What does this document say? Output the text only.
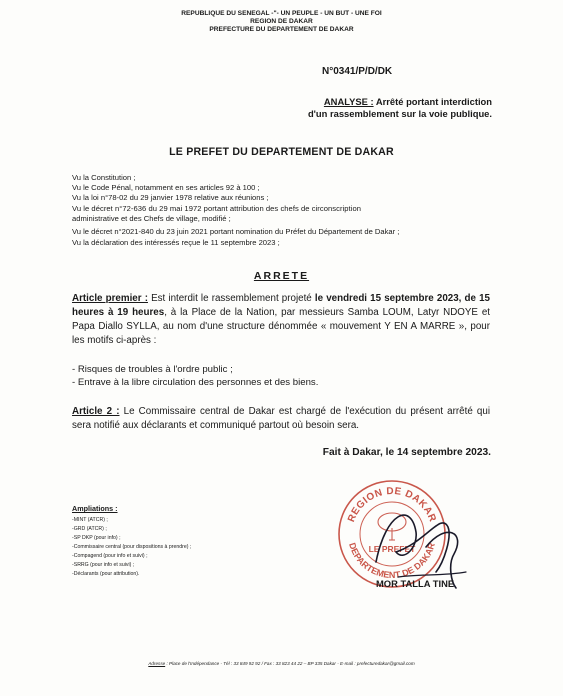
REPUBLIQUE DU SENEGAL -"- UN PEUPLE - UN BUT - UNE FOI
REGION DE DAKAR
PREFECTURE DU DEPARTEMENT DE DAKAR
N°0341/P/D/DK
ANALYSE : Arrêté portant interdiction
d'un rassemblement sur la voie publique.
LE PREFET DU DEPARTEMENT DE DAKAR
Vu la Constitution ;
Vu le Code Pénal, notamment en ses articles 92 à 100 ;
Vu la loi n°78-02 du 29 janvier 1978 relative aux réunions ;
Vu le décret n°72-636 du 29 mai 1972 portant attribution des chefs de circonscription
administrative et des Chefs de village, modifié ;
Vu le décret n°2021-840 du 23 juin 2021 portant nomination du Préfet du Département de Dakar ;
Vu la déclaration des intéressés reçue le 11 septembre 2023 ;
ARRETE
Article premier : Est interdit le rassemblement projeté le vendredi 15 septembre 2023, de 15 heures à 19 heures, à la Place de la Nation, par messieurs Samba LOUM, Latyr NDOYE et Papa Diallo SYLLA, au nom d'une structure dénommée « mouvement Y EN A MARRE », pour les motifs ci-après :
- Risques de troubles à l'ordre public ;
- Entrave à la libre circulation des personnes et des biens.
Article 2 : Le Commissaire central de Dakar est chargé de l'exécution du présent arrêté qui sera notifié aux déclarants et communiqué partout où besoin sera.
Fait à Dakar, le 14 septembre 2023.
Ampliations :
-MINT (ATCR) ;
-GRD (ATCR) ;
-SP DKP (pour info) ;
-Commissaire central (pour dispositions à prendre) ;
-Compagend (pour info et suivi) ;
-SRRG (pour info et suivi) ;
-Déclarants (pour attribution).
REGION DE DAKAR
DEPARTEMENT DE DAKAR
LE PREFET
MOR TALLA TINE
Adresse : Place de l'Indépendance - Tél : 33 849 92 92 / Fax : 33 823 44 22 – BP 335 Dakar - E-mail : prefecturedakar@gmail.com
